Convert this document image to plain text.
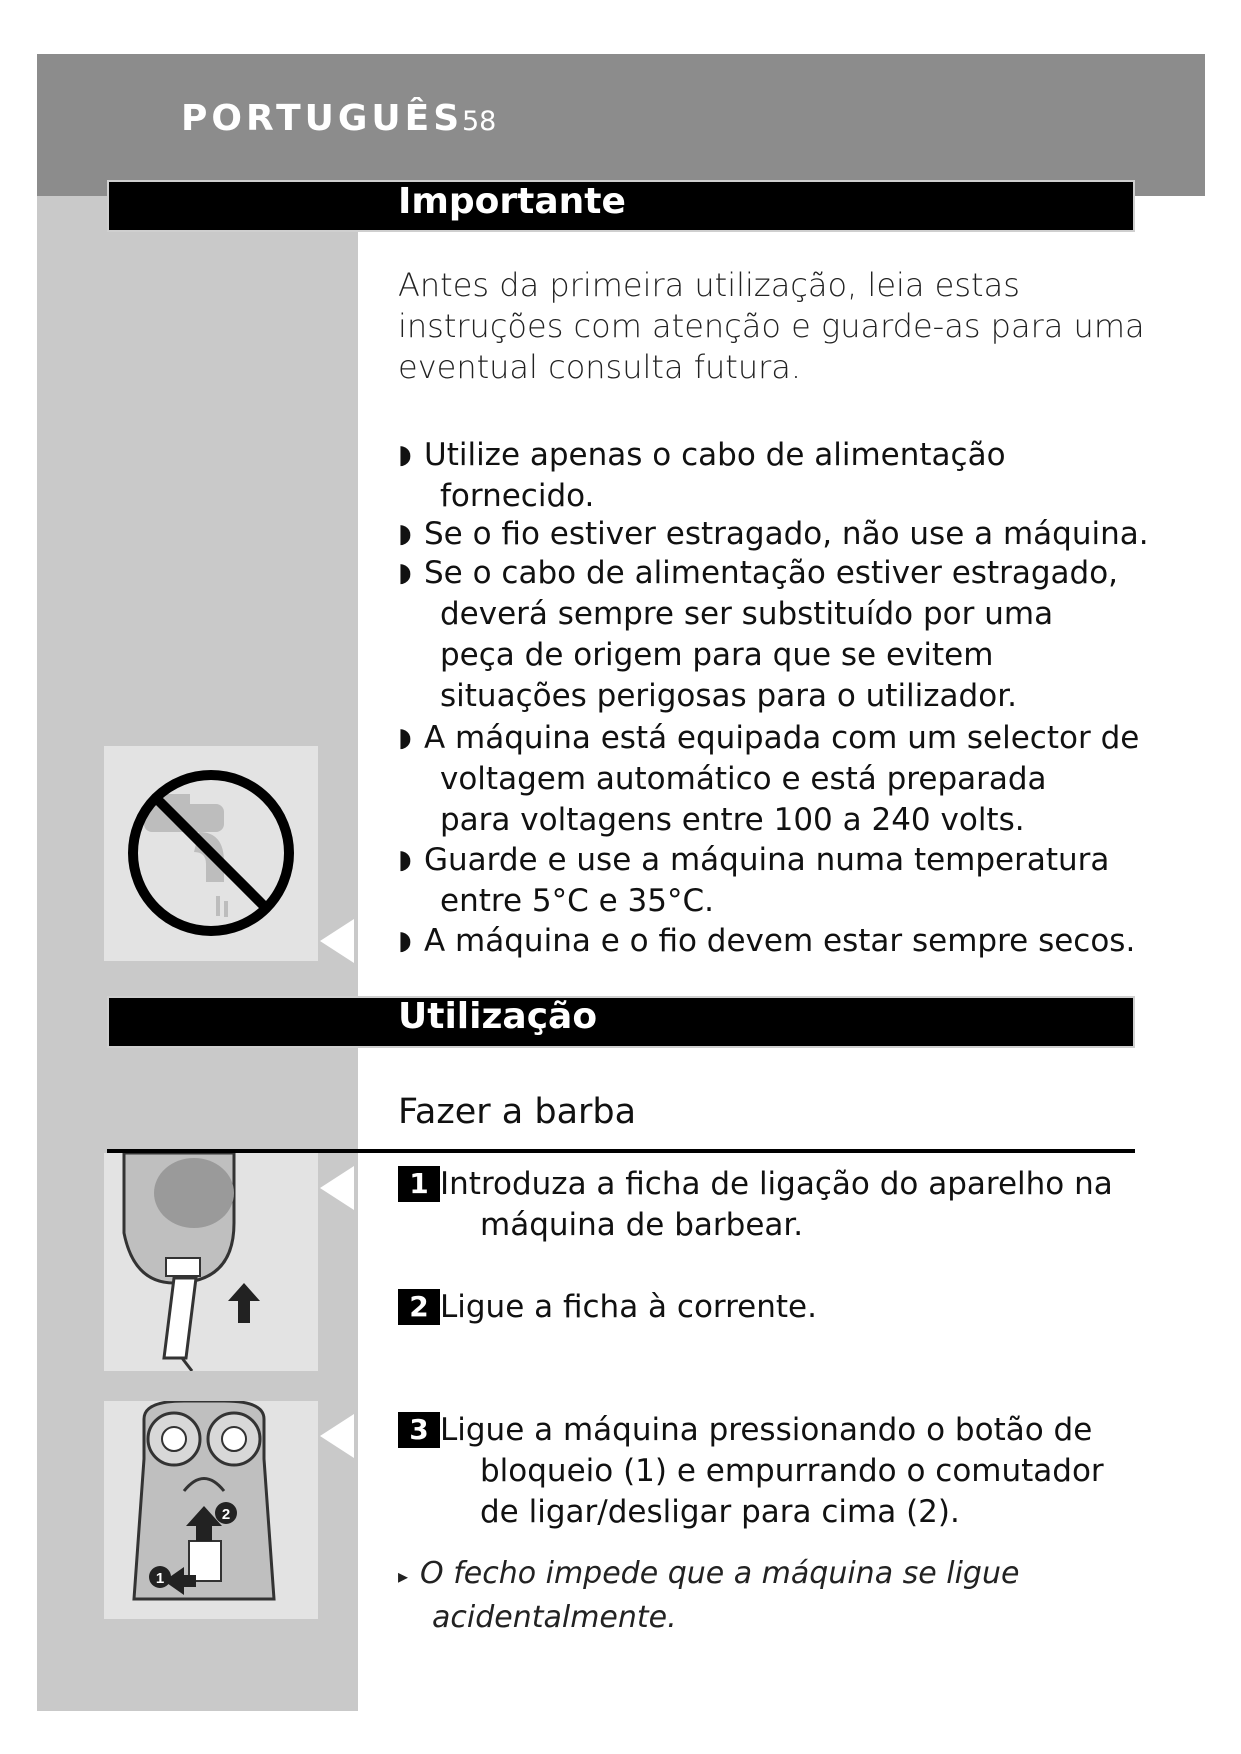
PORTUGUÊS
58
Importante
Antes da primeira utilização, leia estas instruções com atenção e guarde-as para uma eventual consulta futura.
◗ Utilize apenas o cabo de alimentação
fornecido.
◗ Se o fio estiver estragado, não use a máquina.
◗ Se o cabo de alimentação estiver estragado,
deverá sempre ser substituído por uma peça de origem para que se evitem situações perigosas para o utilizador.
◗ A máquina está equipada com um selector de
voltagem automático e está preparada para voltagens entre 100 a 240 volts.
◗ Guarde e use a máquina numa temperatura
entre 5°C e 35°C.
◗ A máquina e o fio devem estar sempre secos.
Utilização
Fazer a barba
1 Introduza a ficha de ligação do aparelho na
máquina de barbear.
2 Ligue a ficha à corrente.
2
1
3 Ligue a máquina pressionando o botão de
bloqueio (1) e empurrando o comutador de ligar/desligar para cima (2).
▸ O fecho impede que a máquina se ligue
acidentalmente.
